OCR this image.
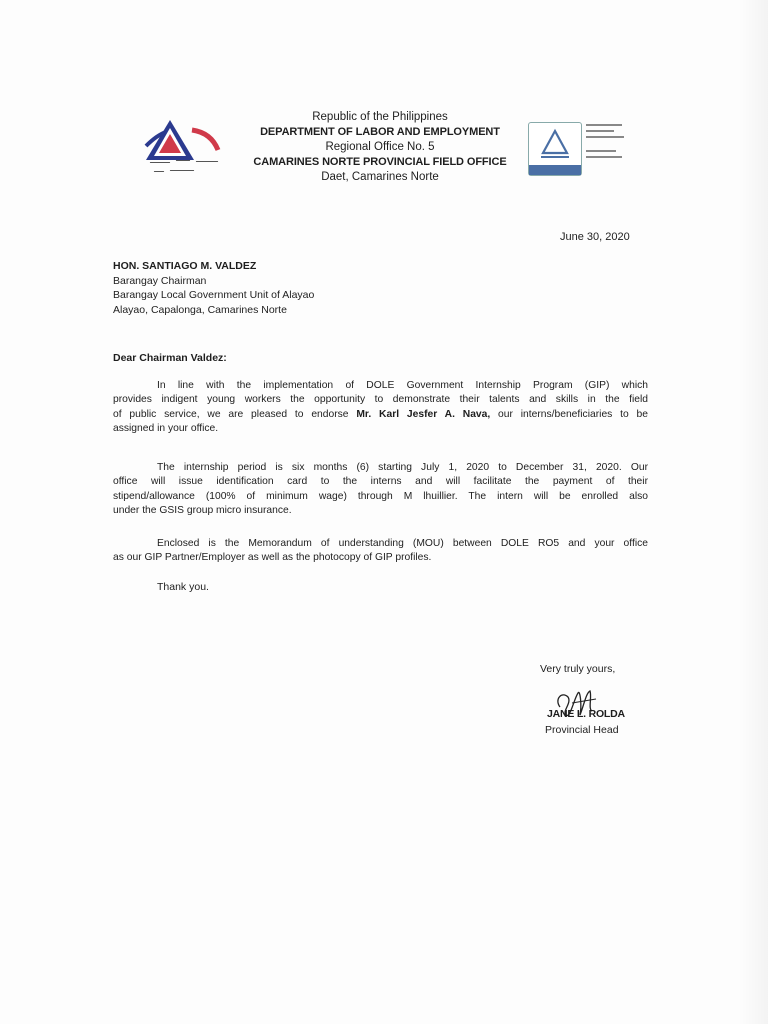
Republic of the Philippines
DEPARTMENT OF LABOR AND EMPLOYMENT
Regional Office No. 5
CAMARINES NORTE PROVINCIAL FIELD OFFICE
Daet, Camarines Norte
June 30, 2020
HON. SANTIAGO M. VALDEZ
Barangay Chairman
Barangay Local Government Unit of Alayao
Alayao, Capalonga, Camarines Norte
Dear Chairman Valdez:
In line with the implementation of DOLE Government Internship Program (GIP) which
provides indigent young workers the opportunity to demonstrate their talents and skills in the field
of public service, we are pleased to endorse Mr. Karl Jesfer A. Nava, our interns/beneficiaries to be
assigned in your office.
The internship period is six months (6) starting July 1, 2020 to December 31, 2020. Our
office will issue identification card to the interns and will facilitate the payment of their
stipend/allowance (100% of minimum wage) through M lhuillier. The intern will be enrolled also
under the GSIS group micro insurance.
Enclosed is the Memorandum of understanding (MOU) between DOLE RO5 and your office
as our GIP Partner/Employer as well as the photocopy of GIP profiles.
Thank you.
Very truly yours,
JANE L. ROLDA
Provincial Head
